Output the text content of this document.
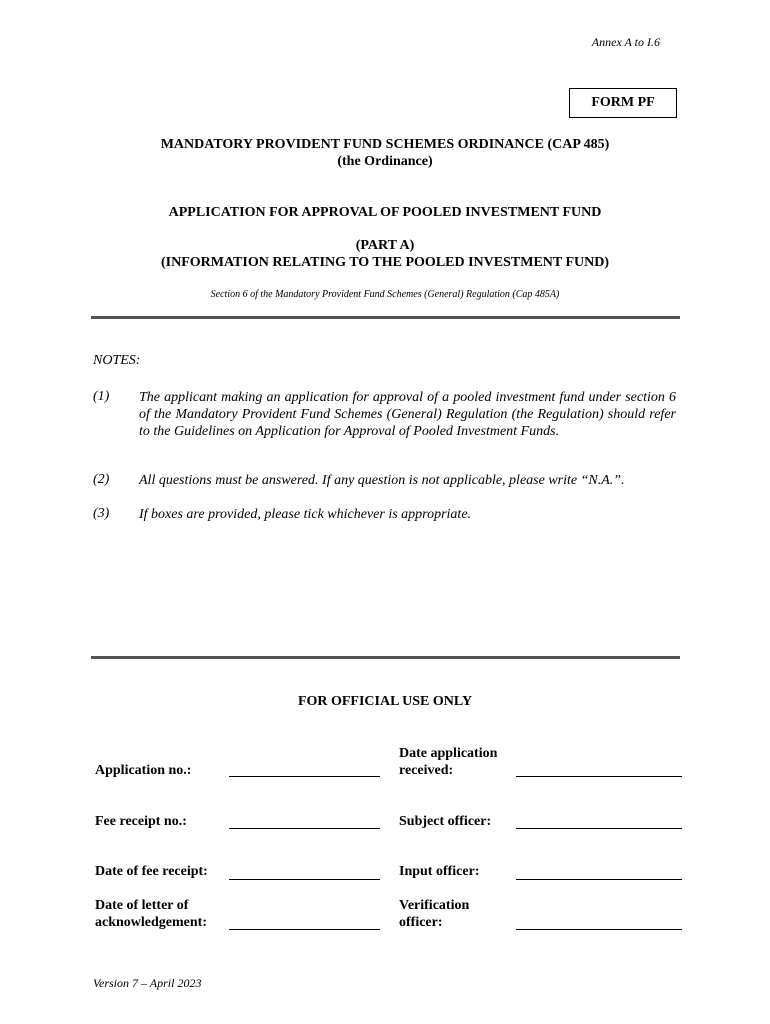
Annex A to I.6
FORM PF
MANDATORY PROVIDENT FUND SCHEMES ORDINANCE (CAP 485)
(the Ordinance)
APPLICATION FOR APPROVAL OF POOLED INVESTMENT FUND
(PART A)
(INFORMATION RELATING TO THE POOLED INVESTMENT FUND)
Section 6 of the Mandatory Provident Fund Schemes (General) Regulation (Cap 485A)
NOTES:
(1) The applicant making an application for approval of a pooled investment fund under section 6 of the Mandatory Provident Fund Schemes (General) Regulation (the Regulation) should refer to the Guidelines on Application for Approval of Pooled Investment Funds.
(2) All questions must be answered. If any question is not applicable, please write “N.A.”.
(3) If boxes are provided, please tick whichever is appropriate.
FOR OFFICIAL USE ONLY
Application no.:
Fee receipt no.:
Date of fee receipt:
Date of letter of
acknowledgement:
Date application
received:
Subject officer:
Input officer:
Verification
officer:
Version 7 – April 2023
